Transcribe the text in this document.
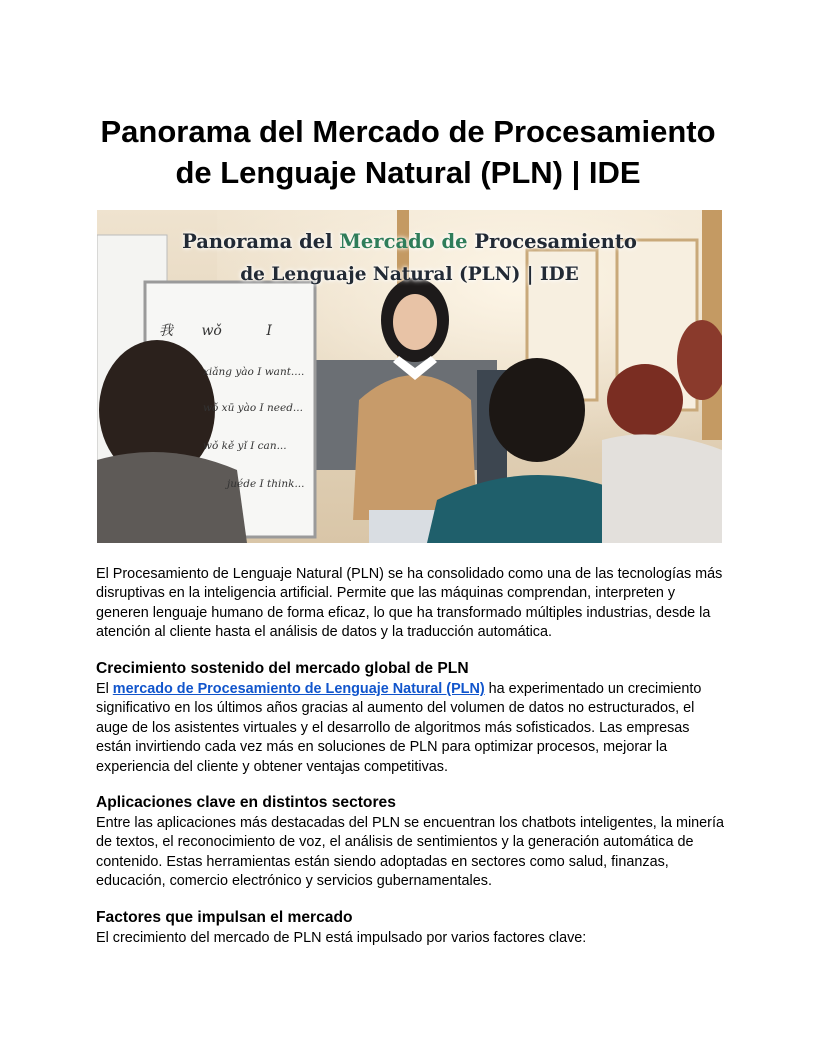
Panorama del Mercado de Procesamiento
de Lenguaje Natural (PLN) | IDE
我 wǒ	I
xiǎng yào I want....
wǒ xū yào I need...
wǒ kě yǐ I can...
juéde I think...
Panorama del Mercado de Procesamiento
de Lenguaje Natural (PLN) | IDE

El Procesamiento de Lenguaje Natural (PLN) se ha consolidado como una de las tecnologías más disruptivas en la inteligencia artificial. Permite que las máquinas comprendan, interpreten y generen lenguaje humano de forma eficaz, lo que ha transformado múltiples industrias, desde la atención al cliente hasta el análisis de datos y la traducción automática.

Crecimiento sostenido del mercado global de PLN

El mercado de Procesamiento de Lenguaje Natural (PLN) ha experimentado un crecimiento significativo en los últimos años gracias al aumento del volumen de datos no estructurados, el auge de los asistentes virtuales y el desarrollo de algoritmos más sofisticados. Las empresas están invirtiendo cada vez más en soluciones de PLN para optimizar procesos, mejorar la experiencia del cliente y obtener ventajas competitivas.

Aplicaciones clave en distintos sectores

Entre las aplicaciones más destacadas del PLN se encuentran los chatbots inteligentes, la minería de textos, el reconocimiento de voz, el análisis de sentimientos y la generación automática de contenido. Estas herramientas están siendo adoptadas en sectores como salud, finanzas, educación, comercio electrónico y servicios gubernamentales.

Factores que impulsan el mercado

El crecimiento del mercado de PLN está impulsado por varios factores clave:
